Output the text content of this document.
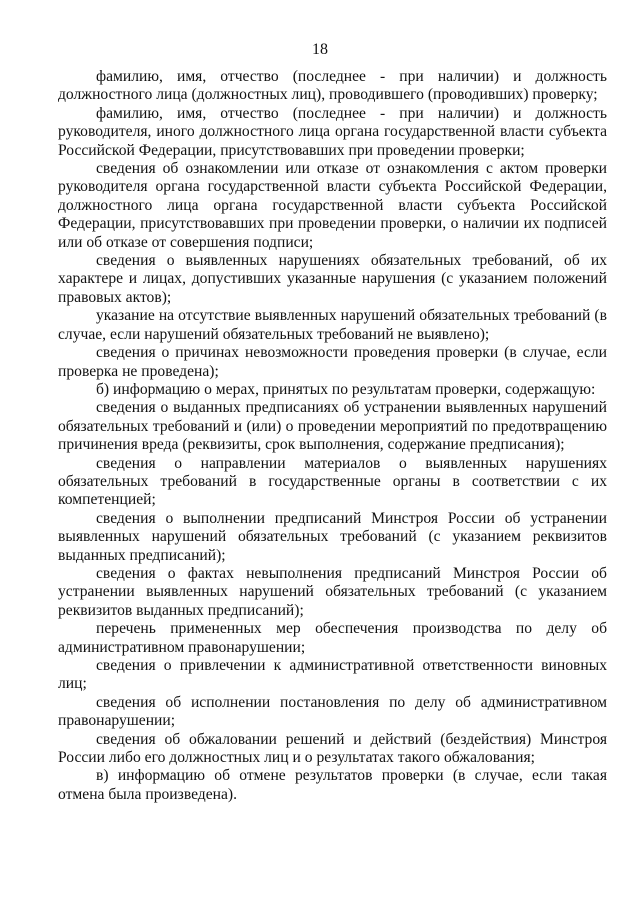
18

фамилию, имя, отчество (последнее - при наличии) и должность должностного лица (должностных лиц), проводившего (проводивших) проверку;

фамилию, имя, отчество (последнее - при наличии) и должность руководителя, иного должностного лица органа государственной власти субъекта Российской Федерации, присутствовавших при проведении проверки;

сведения об ознакомлении или отказе от ознакомления с актом проверки руководителя органа государственной власти субъекта Российской Федерации, должностного лица органа государственной власти субъекта Российской Федерации, присутствовавших при проведении проверки, о наличии их подписей или об отказе от совершения подписи;

сведения о выявленных нарушениях обязательных требований, об их характере и лицах, допустивших указанные нарушения (с указанием положений правовых актов);

указание на отсутствие выявленных нарушений обязательных требований (в случае, если нарушений обязательных требований не выявлено);

сведения о причинах невозможности проведения проверки (в случае, если проверка не проведена);

б) информацию о мерах, принятых по результатам проверки, содержащую:

сведения о выданных предписаниях об устранении выявленных нарушений обязательных требований и (или) о проведении мероприятий по предотвращению причинения вреда (реквизиты, срок выполнения, содержание предписания);

сведения о направлении материалов о выявленных нарушениях обязательных требований в государственные органы в соответствии с их компетенцией;

сведения о выполнении предписаний Минстроя России об устранении выявленных нарушений обязательных требований (с указанием реквизитов выданных предписаний);

сведения о фактах невыполнения предписаний Минстроя России об устранении выявленных нарушений обязательных требований (с указанием реквизитов выданных предписаний);

перечень примененных мер обеспечения производства по делу об административном правонарушении;

сведения о привлечении к административной ответственности виновных лиц;

сведения об исполнении постановления по делу об административном правонарушении;

сведения об обжаловании решений и действий (бездействия) Минстроя России либо его должностных лиц и о результатах такого обжалования;

в) информацию об отмене результатов проверки (в случае, если такая отмена была произведена).
